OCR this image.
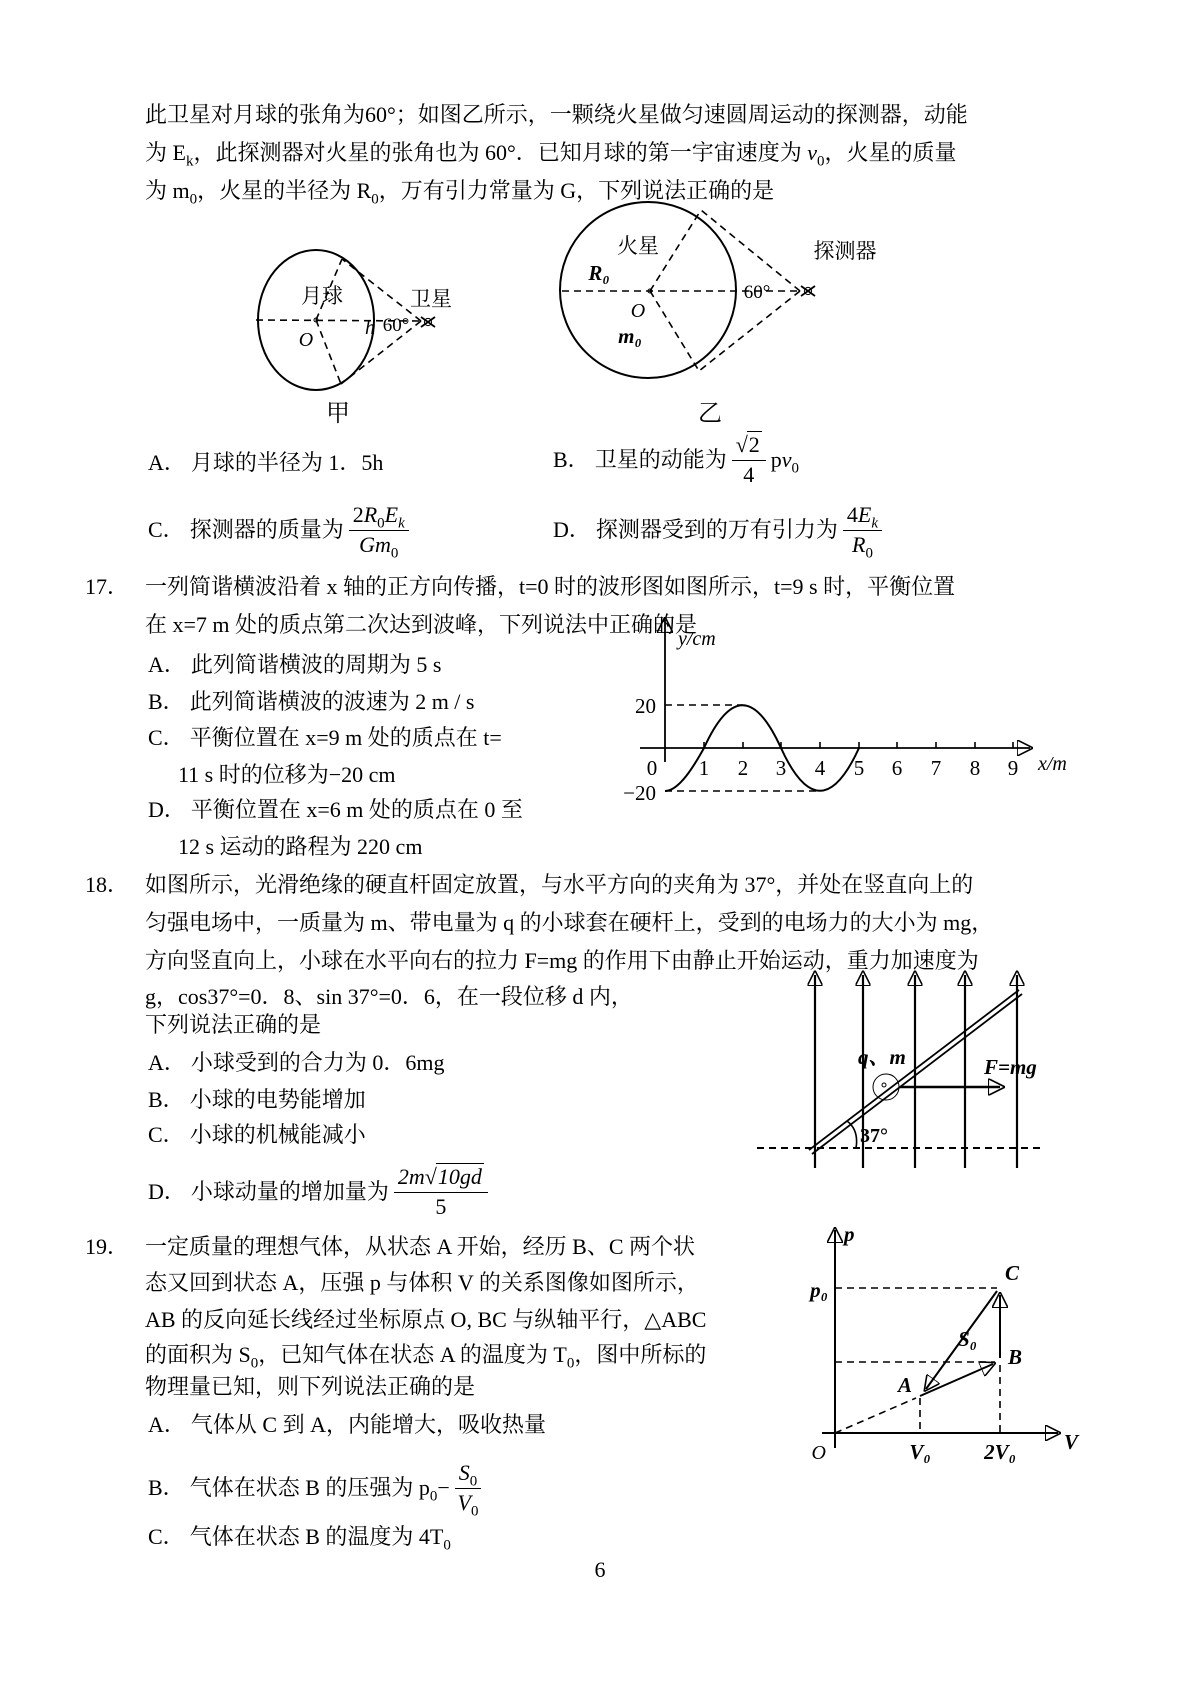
此卫星对月球的张角为60°；如图乙所示，一颗绕火星做匀速圆周运动的探测器，动能
为 $E_k$，此探测器对火星的张角也为 60°．已知月球的第一宇宙速度为 $v_0$，火星的质量
为 $m_0$，火星的半径为 $R_0$，万有引力常量为 G，下列说法正确的是
月球
O
h 60°
卫星
甲
火星
R₀
O
m₀
60°
探测器
乙
A． 月球的半径为 1．5h	B． 卫星的动能为 $\frac{√2}{4} pv_0$
C． 探测器的质量为 $\frac{2R_0E_k}{Gm_0}$	D． 探测器受到的万有引力为 $\frac{4E_k}{R_0}$
17． 一列简谐横波沿着 x 轴的正方向传播，t=0 时的波形图如图所示，t=9 s 时，平衡位置
在 x=7 m 处的质点第二次达到波峰，下列说法中正确的是
A． 此列简谐横波的周期为 5 s
B． 此列简谐横波的波速为 2 m / s
C． 平衡位置在 x=9 m 处的质点在 t=
11 s 时的位移为−20 cm
D． 平衡位置在 x=6 m 处的质点在 0 至
12 s 运动的路程为 220 cm
y/cm
x/m
20
−20
0 1 2 3 4 5 6 7 8 9
18． 如图所示，光滑绝缘的硬直杆固定放置，与水平方向的夹角为 37°，并处在竖直向上的
匀强电场中，一质量为 m、带电量为 q 的小球套在硬杆上，受到的电场力的大小为 mg，
方向竖直向上，小球在水平向右的拉力 F=mg 的作用下由静止开始运动，重力加速度为
g，cos37°=0．8、sin 37°=0．6，在一段位移 d 内，
下列说法正确的是
A． 小球受到的合力为 0．6mg
B． 小球的电势能增加
C． 小球的机械能减小
D． 小球动量的增加量为 $\frac{2m√10gd}{5}$
q、m	F=mg
37°
19． 一定质量的理想气体，从状态 A 开始，经历 B、C 两个状
态又回到状态 A，压强 p 与体积 V 的关系图像如图所示，
AB 的反向延长线经过坐标原点 O, BC 与纵轴平行，△ABC
的面积为 $S_0$，已知气体在状态 A 的温度为 $T_0$，图中所标的
物理量已知，则下列说法正确的是
A． 气体从 C 到 A，内能增大，吸收热量
B． 气体在状态 B 的压强为 $p_0- \frac{S_0}{V_0}$
C． 气体在状态 B 的温度为 $4T_0$
p
V
O
p₀
V₀	2V₀
A
B
C
S₀
6
